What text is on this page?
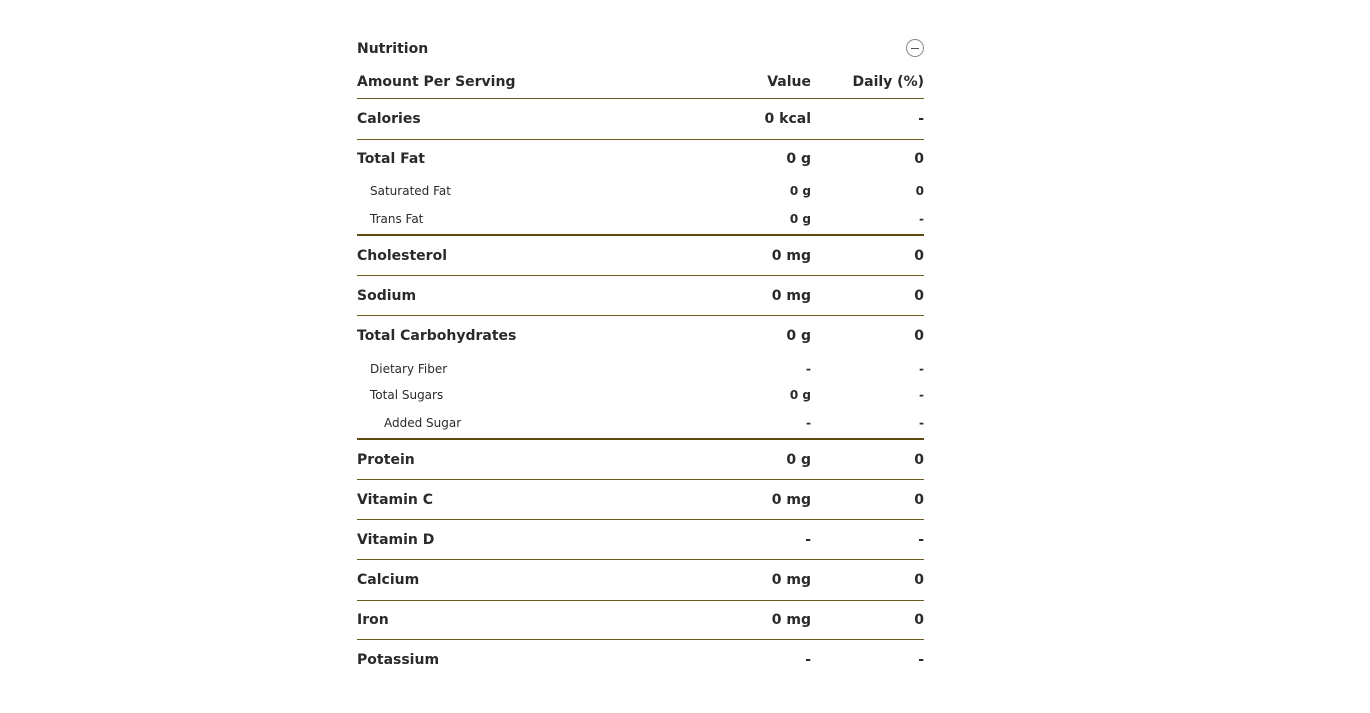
Nutrition
Amount Per Serving	Value	Daily (%)
Calories	0 kcal	-
Total Fat	0 g	0
Saturated Fat	0 g	0
Trans Fat	0 g	-
Cholesterol	0 mg	0
Sodium	0 mg	0
Total Carbohydrates	0 g	0
Dietary Fiber	-	-
Total Sugars	0 g	-
Added Sugar	-	-
Protein	0 g	0
Vitamin C	0 mg	0
Vitamin D	-	-
Calcium	0 mg	0
Iron	0 mg	0
Potassium	-	-
